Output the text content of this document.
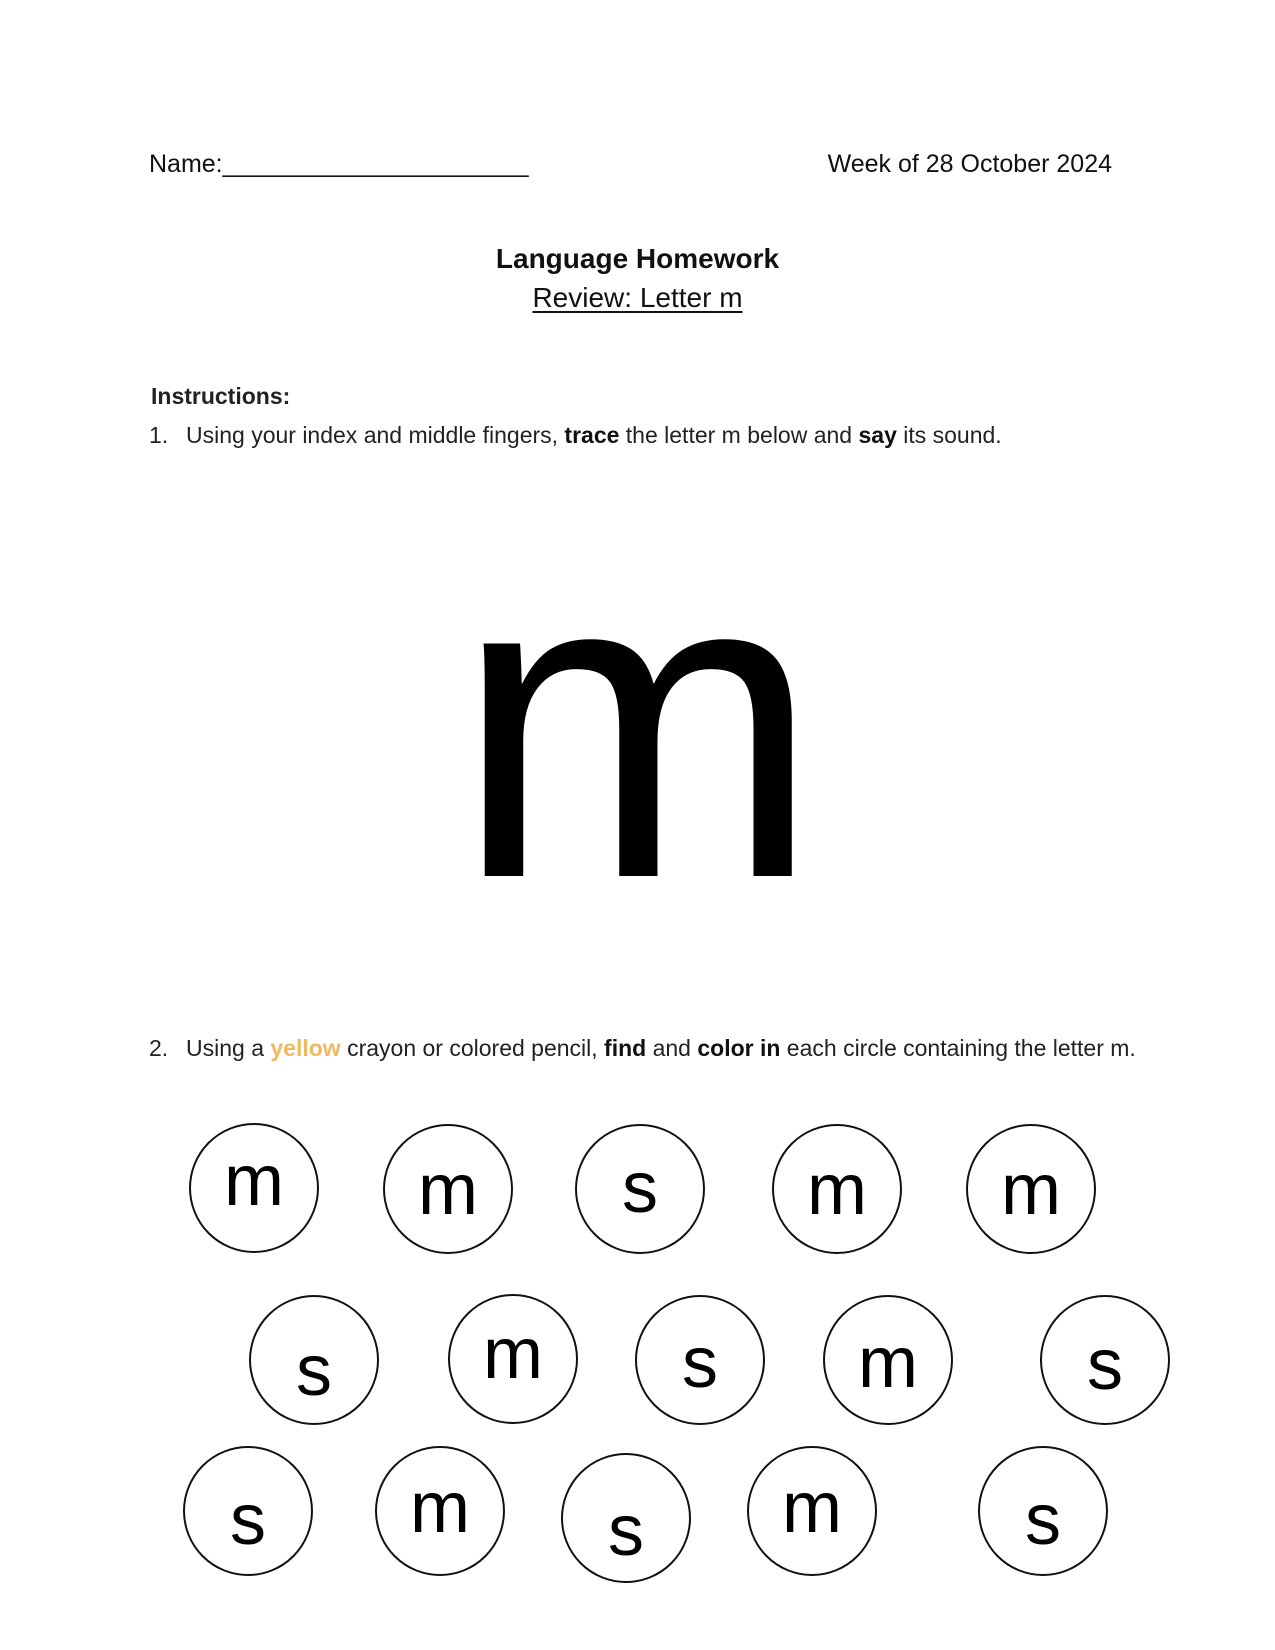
Name:______________________	Week of 28 October 2024
Language Homework
Review: Letter m
Instructions:
1. Using your index and middle fingers, trace the letter m below and say its sound.
m
2. Using a yellow crayon or colored pencil, find and color in each circle containing the letter m.
m	m	s	m	m
s	m	s	m	s
s	m	s	m	s
